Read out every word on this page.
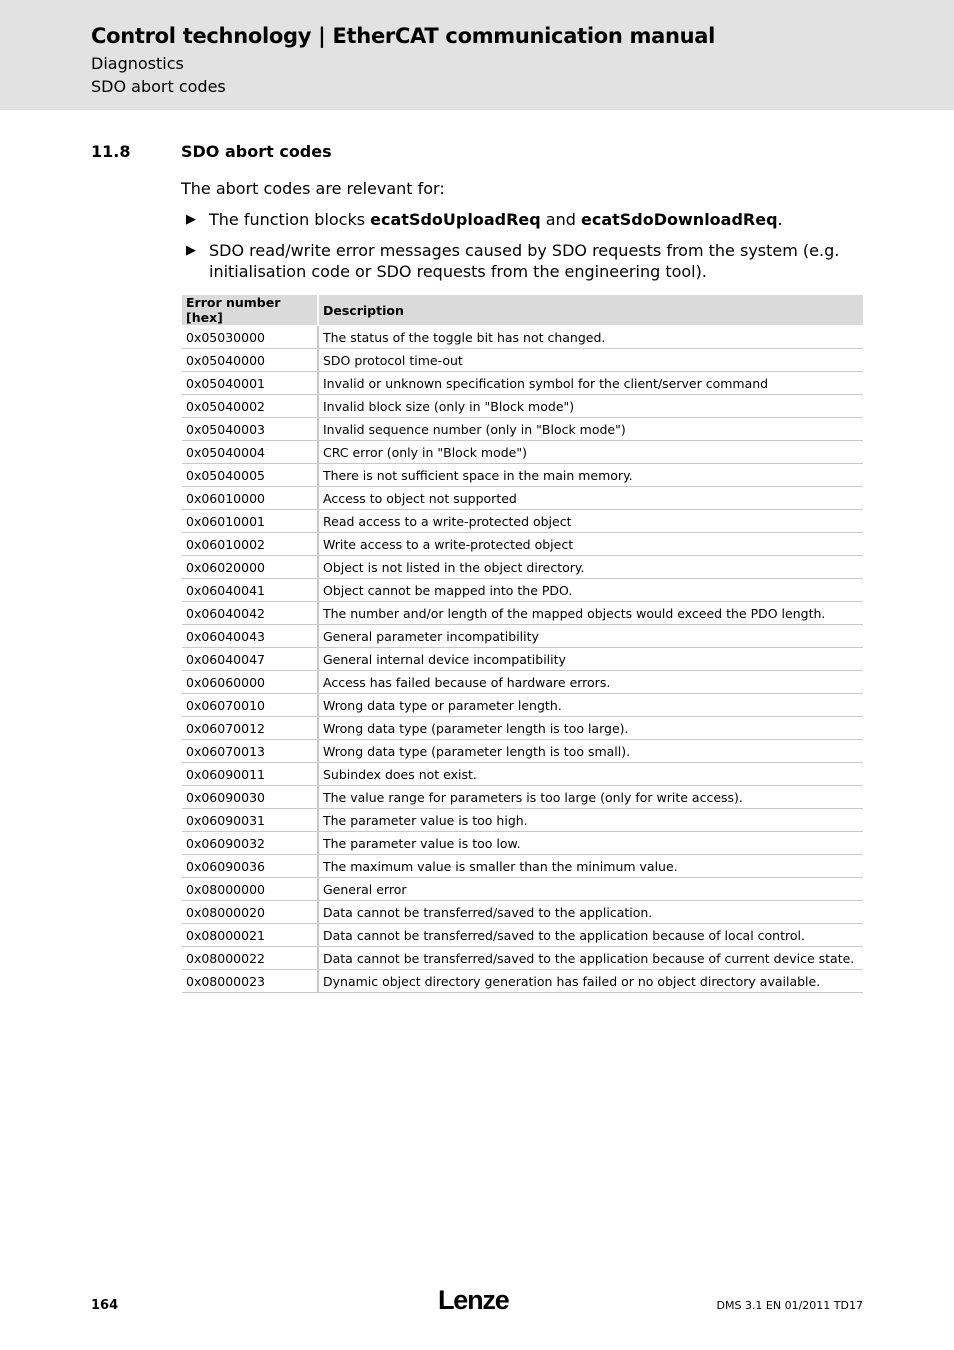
Control technology | EtherCAT communication manual
Diagnostics
SDO abort codes
11.8	SDO abort codes
The abort codes are relevant for:
▶ The function blocks ecatSdoUploadReq and ecatSdoDownloadReq.
▶ SDO read/write error messages caused by SDO requests from the system (e.g. initialisation code or SDO requests from the engineering tool).
Error number [hex]	Description
0x05030000	The status of the toggle bit has not changed.
0x05040000	SDO protocol time-out
0x05040001	Invalid or unknown specification symbol for the client/server command
0x05040002	Invalid block size (only in "Block mode")
0x05040003	Invalid sequence number (only in "Block mode")
0x05040004	CRC error (only in "Block mode")
0x05040005	There is not sufficient space in the main memory.
0x06010000	Access to object not supported
0x06010001	Read access to a write-protected object
0x06010002	Write access to a write-protected object
0x06020000	Object is not listed in the object directory.
0x06040041	Object cannot be mapped into the PDO.
0x06040042	The number and/or length of the mapped objects would exceed the PDO length.
0x06040043	General parameter incompatibility
0x06040047	General internal device incompatibility
0x06060000	Access has failed because of hardware errors.
0x06070010	Wrong data type or parameter length.
0x06070012	Wrong data type (parameter length is too large).
0x06070013	Wrong data type (parameter length is too small).
0x06090011	Subindex does not exist.
0x06090030	The value range for parameters is too large (only for write access).
0x06090031	The parameter value is too high.
0x06090032	The parameter value is too low.
0x06090036	The maximum value is smaller than the minimum value.
0x08000000	General error
0x08000020	Data cannot be transferred/saved to the application.
0x08000021	Data cannot be transferred/saved to the application because of local control.
0x08000022	Data cannot be transferred/saved to the application because of current device state.
0x08000023	Dynamic object directory generation has failed or no object directory available.
164	Lenze	DMS 3.1 EN 01/2011 TD17
